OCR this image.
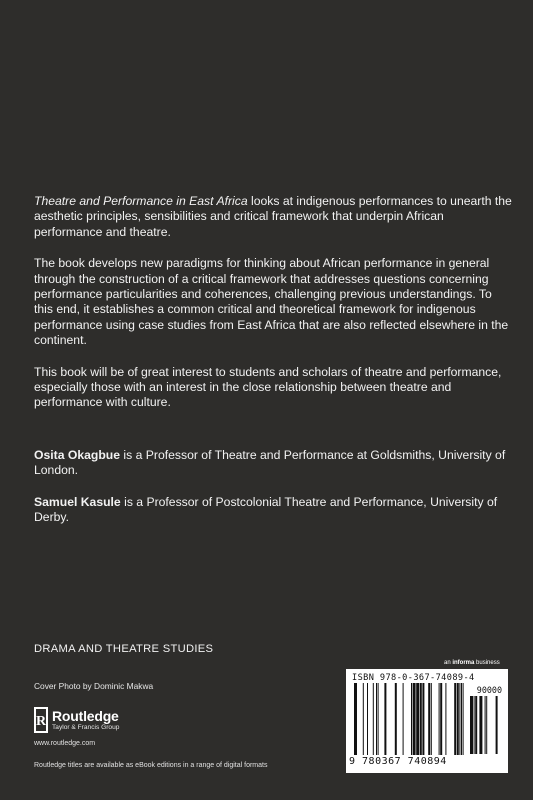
Theatre and Performance in East Africa looks at indigenous performances to unearth the aesthetic principles, sensibilities and critical framework that underpin African performance and theatre.

The book develops new paradigms for thinking about African performance in general through the construction of a critical framework that addresses questions concerning performance particularities and coherences, challenging previous understandings. To this end, it establishes a common critical and theoretical framework for indigenous performance using case studies from East Africa that are also reflected elsewhere in the continent.

This book will be of great interest to students and scholars of theatre and performance, especially those with an interest in the close relationship between theatre and performance with culture.

Osita Okagbue is a Professor of Theatre and Performance at Goldsmiths, University of London.

Samuel Kasule is a Professor of Postcolonial Theatre and Performance, University of Derby.

DRAMA AND THEATRE STUDIES
Cover Photo by Dominic Makwa
R Routledge
Taylor & Francis Group
www.routledge.com
Routledge titles are available as eBook editions in a range of digital formats
an informa business
ISBN 978-0-367-74089-4
90000
9 780367 740894
